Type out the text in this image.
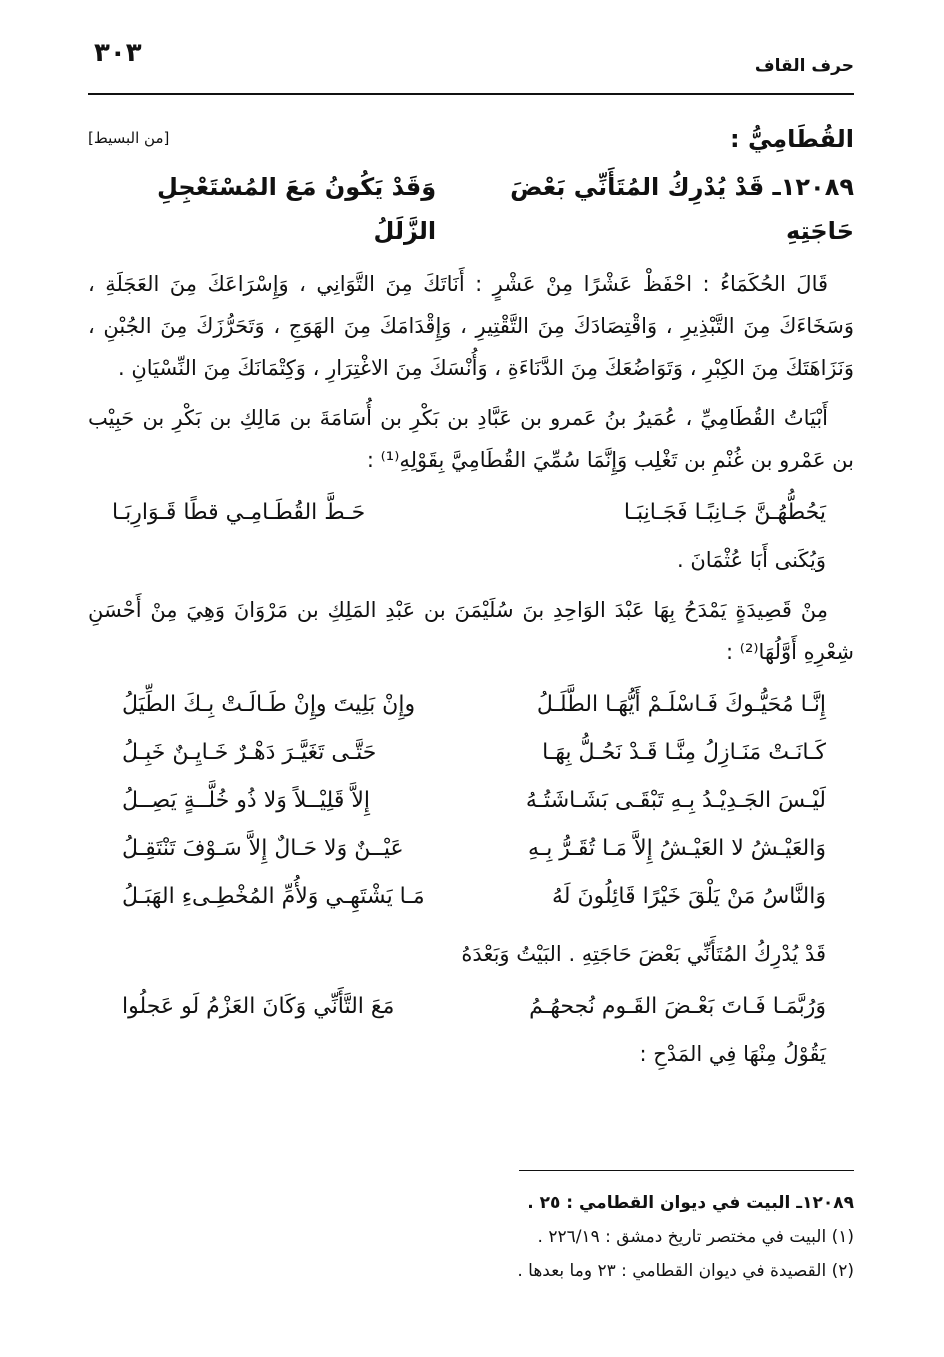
حرف القاف
٣٠٣
القُطَامِيُّ :
[من البسيط]
١٢٠٨٩ـ قَدْ يُدْرِكُ المُتَأَنِّي بَعْضَ حَاجَتِهِ
وَقَدْ يَكُونُ مَعَ المُسْتَعْجِلِ الزَّلَلُ

قَالَ الحُكَمَاءُ : احْفَظْ عَشْرًا مِنْ عَشْرٍ : أَنَاتَكَ مِنَ التَّوَانِي ، وَإِسْرَاعَكَ مِنَ العَجَلَةِ ، وَسَخَاءَكَ مِنَ التَّبْذِيرِ ، وَاقْتِصَادَكَ مِنَ التَّقْتِيرِ ، وَإِقْدَامَكَ مِنَ الهَوَجِ ، وَتَحَرُّزَكَ مِنَ الجُبْنِ ، وَنَزَاهَتَكَ مِنَ الكِبْرِ ، وَتَوَاضُعَكَ مِنَ الدَّنَاءَةِ ، وَأُنْسَكَ مِنَ الاغْتِرَارِ ، وَكِتْمَانَكَ مِنَ النِّسْيَانِ .

أَبْيَاتُ القُطَامِيِّ ، عُمَيرُ بنُ عَمرو بن عَبَّادِ بن بَكْرِ بن أُسَامَةَ بن مَالِكِ بن بَكْرِ بن حَبِيْب بن عَمْرو بن غُنْمِ بن تَغْلِب وَإِنَّمَا سُمِّيَ القُطَامِيَّ بِقَوْلِهِ⁽¹⁾ :

يَحُطُّهُـنَّ جَـانِبًـا فَجَـانِبَـا
حَـطَّ القُطَـامِـي قطًا قَـوَارِبَـا
وَيُكَنى أَبَا عُثْمَانَ .

مِنْ قَصِيدَةٍ يَمْدَحُ بِهَا عَبْدَ الوَاحِدِ بنَ سُلَيْمَنَ بن عَبْدِ المَلِكِ بن مَرْوَانَ وَهِيَ مِنْ أَحْسَنِ شِعْرِهِ أَوَّلُهَا⁽²⁾ :

إِنَّـا مُحَيُّـوكَ فَـاسْلَـمْ أَيُّهَـا الطَّلَـلُ
وإِنْ بَلِيتَ وإِنْ طَـالَـتْ بِـكَ الطِّيَلُ
كَـانَـتْ مَنَـازِلُ مِنَّـا قَـدْ نَحُـلُّ بِهَـا
حَتَّـى تَغَيَّـرَ دَهْـرٌ خَـايِـنٌ خَبِـلُ
لَيْـسَ الجَـدِيْـدُ بِـهِ تَبْقَـى بَشَـاشَتُـهُ
إِلاَّ قَلِيْــلاً وَلا ذُو خُلَّــةٍ يَصِــلُ
وَالعَيْـشُ لا العَيْـشُ إِلاَّ مَـا تُقَـرُّ بِـهِ
عَيْــنٌ وَلا حَـالٌ إِلاَّ سَـوْفَ تَنْتَقِـلُ
وَالنَّاسُ مَنْ يَلْقَ خَيْرًا قَائِلُونَ لَهُ
مَـا يَشْتَهِـي وَلأُمِّ المُخْطِـىءِ الهَبَـلُ
قَدْ يُدْرِكُ المُتَأَنِّي بَعْضَ حَاجَتِهِ . البَيْتُ وَبَعْدَهُ
وَرُبَّمَـا فَـاتَ بَعْـضَ القَـوم نُجحهُـمُ
مَعَ التَّأَنِّي وَكَانَ العَزْمُ لَو عَجلُوا
يَقُوْلُ مِنْهَا فِي المَدْحِ :
١٢٠٨٩ـ البيت في ديوان القطامي : ٢٥ .
(١) البيت في مختصر تاريخ دمشق : ٢٢٦/١٩ .
(٢) القصيدة في ديوان القطامي : ٢٣ وما بعدها .
